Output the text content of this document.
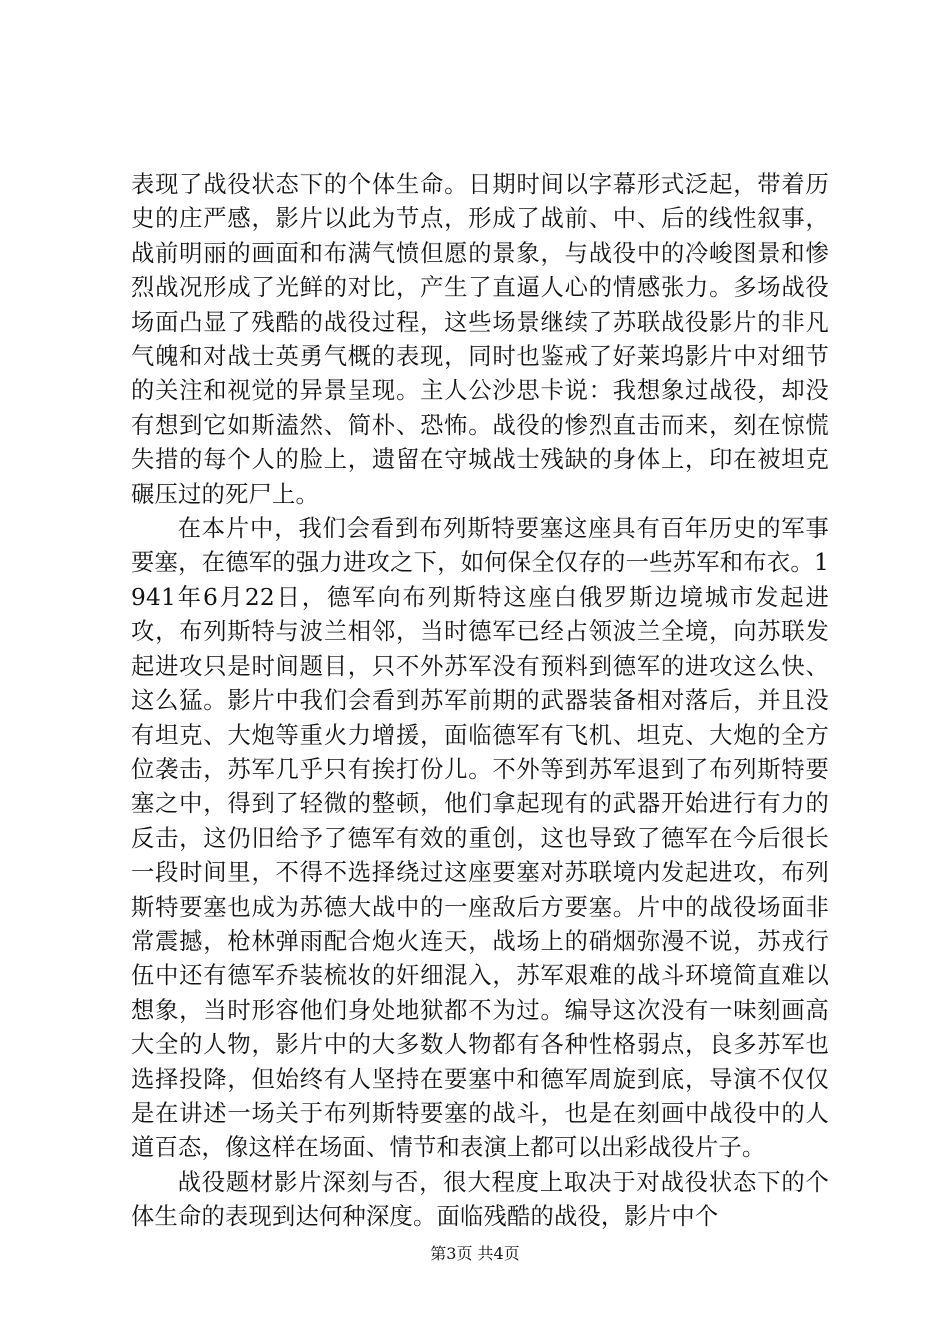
表现了战役状态下的个体生命。日期时间以字幕形式泛起，带着历史的庄严感，影片以此为节点，形成了战前、中、后的线性叙事，战前明丽的画面和布满气愤但愿的景象，与战役中的冷峻图景和惨烈战况形成了光鲜的对比，产生了直逼人心的情感张力。多场战役场面凸显了残酷的战役过程，这些场景继续了苏联战役影片的非凡气魄和对战士英勇气概的表现，同时也鉴戒了好莱坞影片中对细节的关注和视觉的异景呈现。主人公沙思卡说：我想象过战役，却没有想到它如斯溘然、简朴、恐怖。战役的惨烈直击而来，刻在惊慌失措的每个人的脸上，遗留在守城战士残缺的身体上，印在被坦克碾压过的死尸上。

在本片中，我们会看到布列斯特要塞这座具有百年历史的军事要塞，在德军的强力进攻之下，如何保全仅存的一些苏军和布衣。1941年6月22日，德军向布列斯特这座白俄罗斯边境城市发起进攻，布列斯特与波兰相邻，当时德军已经占领波兰全境，向苏联发起进攻只是时间题目，只不外苏军没有预料到德军的进攻这么快、这么猛。影片中我们会看到苏军前期的武器装备相对落后，并且没有坦克、大炮等重火力增援，面临德军有飞机、坦克、大炮的全方位袭击，苏军几乎只有挨打份儿。不外等到苏军退到了布列斯特要塞之中，得到了轻微的整顿，他们拿起现有的武器开始进行有力的反击，这仍旧给予了德军有效的重创，这也导致了德军在今后很长一段时间里，不得不选择绕过这座要塞对苏联境内发起进攻，布列斯特要塞也成为苏德大战中的一座敌后方要塞。片中的战役场面非常震撼，枪林弹雨配合炮火连天，战场上的硝烟弥漫不说，苏戎行伍中还有德军乔装梳妆的奸细混入，苏军艰难的战斗环境简直难以想象，当时形容他们身处地狱都不为过。编导这次没有一味刻画高大全的人物，影片中的大多数人物都有各种性格弱点，良多苏军也选择投降，但始终有人坚持在要塞中和德军周旋到底，导演不仅仅是在讲述一场关于布列斯特要塞的战斗，也是在刻画中战役中的人道百态，像这样在场面、情节和表演上都可以出彩战役片子。

战役题材影片深刻与否，很大程度上取决于对战役状态下的个体生命的表现到达何种深度。面临残酷的战役，影片中个

第3页 共4页
